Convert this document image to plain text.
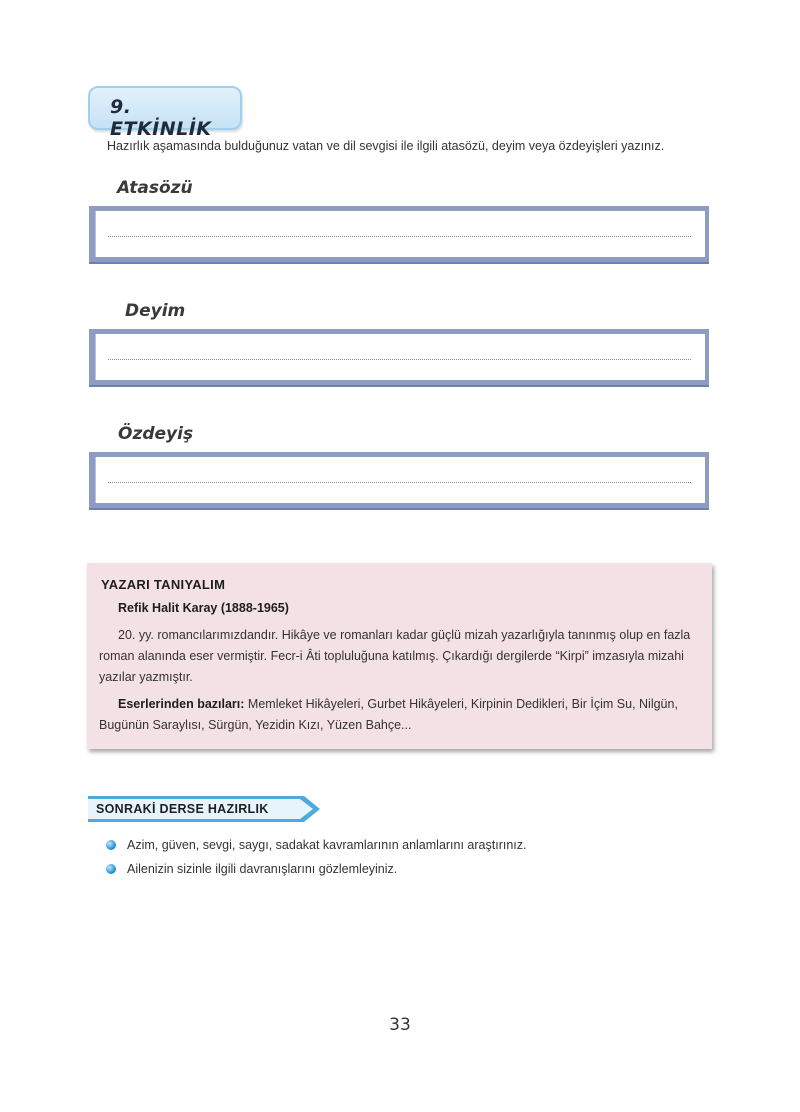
9. ETKİNLİK
Hazırlık aşamasında bulduğunuz vatan ve dil sevgisi ile ilgili atasözü, deyim veya özdeyişleri yazınız.
Atasözü
Deyim
Özdeyiş
YAZARI TANIYALIM
Refik Halit Karay (1888-1965)
20. yy. romancılarımızdandır. Hikâye ve romanları kadar güçlü mizah yazarlığıyla tanınmış olup en fazla roman alanında eser vermiştir. Fecr-i Âti topluluğuna katılmış. Çıkardığı dergilerde “Kirpi” imzasıyla mizahi yazılar yazmıştır.
Eserlerinden bazıları: Memleket Hikâyeleri, Gurbet Hikâyeleri, Kirpinin Dedikleri, Bir İçim Su, Nilgün, Bugünün Saraylısı, Sürgün, Yezidin Kızı, Yüzen Bahçe...
SONRAKİ DERSE HAZIRLIK
Azim, güven, sevgi, saygı, sadakat kavramlarının anlamlarını araştırınız.
Ailenizin sizinle ilgili davranışlarını gözlemleyiniz.
33
